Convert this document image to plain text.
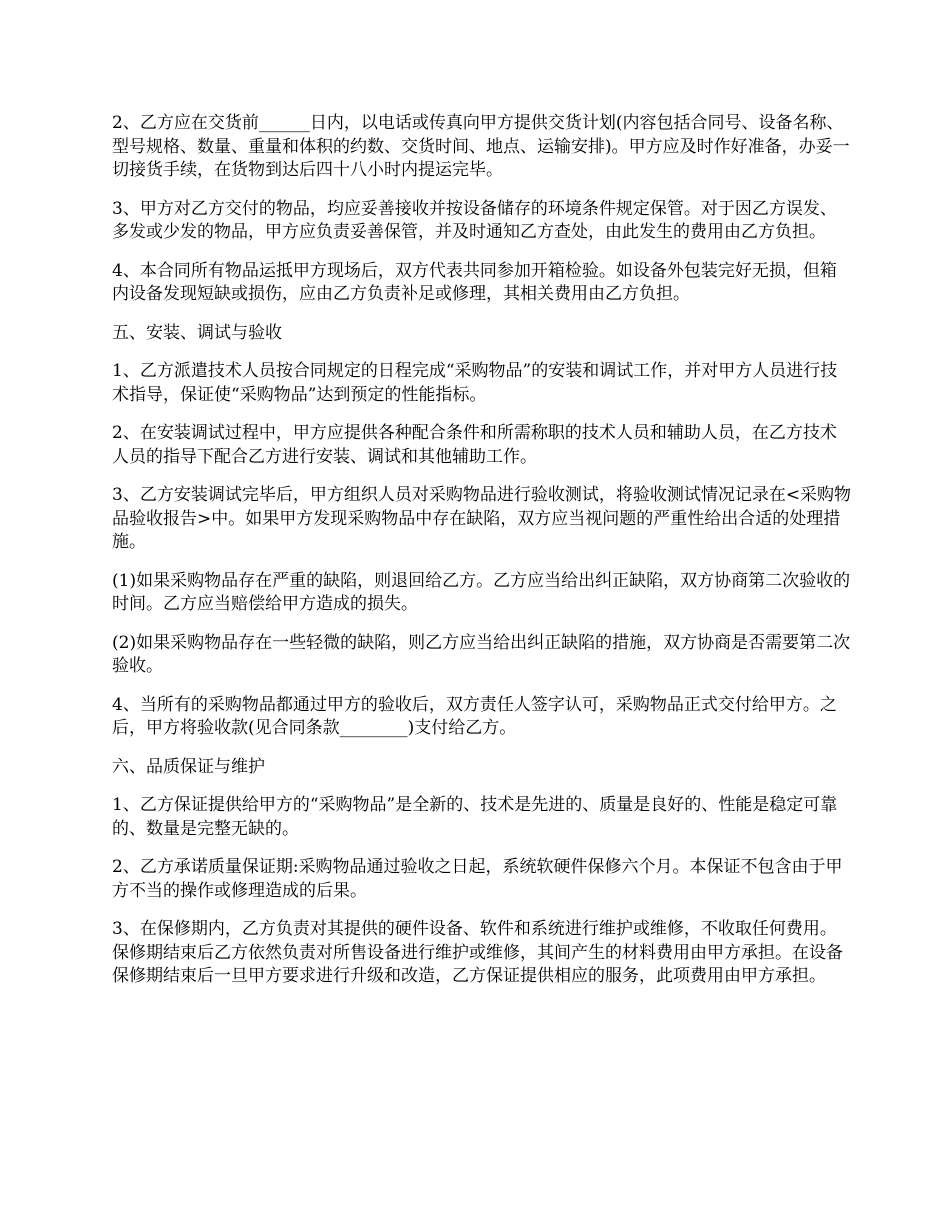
2、乙方应在交货前______日内，以电话或传真向甲方提供交货计划(内容包括合同号、设备名称、型号规格、数量、重量和体积的约数、交货时间、地点、运输安排)。甲方应及时作好准备，办妥一切接货手续，在货物到达后四十八小时内提运完毕。

3、甲方对乙方交付的物品，均应妥善接收并按设备储存的环境条件规定保管。对于因乙方误发、多发或少发的物品，甲方应负责妥善保管，并及时通知乙方查处，由此发生的费用由乙方负担。

4、本合同所有物品运抵甲方现场后，双方代表共同参加开箱检验。如设备外包装完好无损，但箱内设备发现短缺或损伤，应由乙方负责补足或修理，其相关费用由乙方负担。

五、安装、调试与验收

1、乙方派遣技术人员按合同规定的日程完成“采购物品”的安装和调试工作，并对甲方人员进行技术指导，保证使“采购物品”达到预定的性能指标。

2、在安装调试过程中，甲方应提供各种配合条件和所需称职的技术人员和辅助人员，在乙方技术人员的指导下配合乙方进行安装、调试和其他辅助工作。

3、乙方安装调试完毕后，甲方组织人员对采购物品进行验收测试，将验收测试情况记录在<采购物品验收报告>中。如果甲方发现采购物品中存在缺陷，双方应当视问题的严重性给出合适的处理措施。

(1)如果采购物品存在严重的缺陷，则退回给乙方。乙方应当给出纠正缺陷，双方协商第二次验收的时间。乙方应当赔偿给甲方造成的损失。

(2)如果采购物品存在一些轻微的缺陷，则乙方应当给出纠正缺陷的措施，双方协商是否需要第二次验收。

4、当所有的采购物品都通过甲方的验收后，双方责任人签字认可，采购物品正式交付给甲方。之后，甲方将验收款(见合同条款________)支付给乙方。

六、品质保证与维护

1、乙方保证提供给甲方的“采购物品”是全新的、技术是先进的、质量是良好的、性能是稳定可靠的、数量是完整无缺的。

2、乙方承诺质量保证期:采购物品通过验收之日起，系统软硬件保修六个月。本保证不包含由于甲方不当的操作或修理造成的后果。

3、在保修期内，乙方负责对其提供的硬件设备、软件和系统进行维护或维修，不收取任何费用。保修期结束后乙方依然负责对所售设备进行维护或维修，其间产生的材料费用由甲方承担。在设备保修期结束后一旦甲方要求进行升级和改造，乙方保证提供相应的服务，此项费用由甲方承担。
